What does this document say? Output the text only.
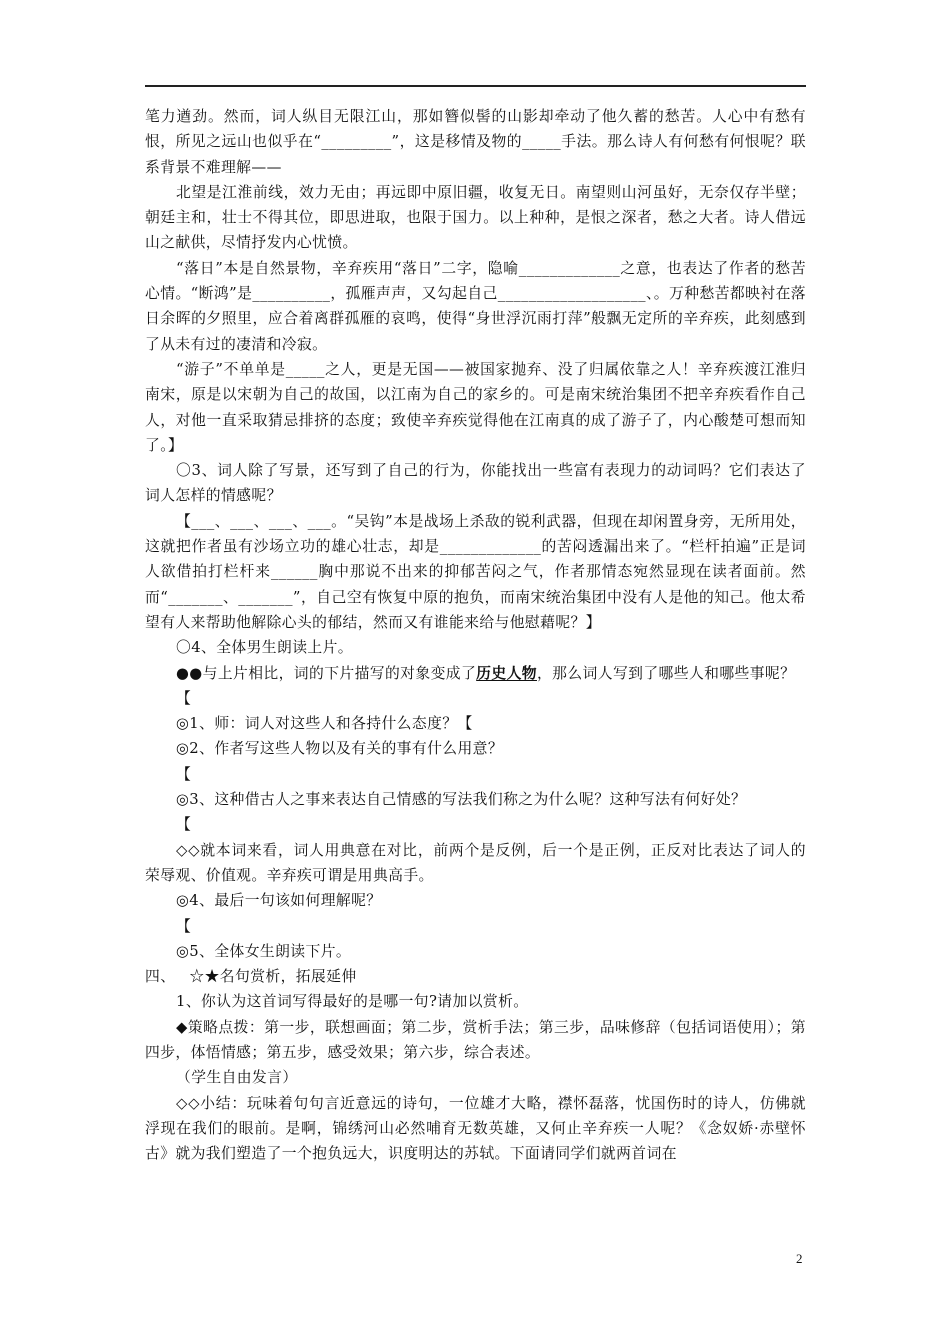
笔力遒劲。然而，词人纵目无限江山，那如簪似髻的山影却牵动了他久蓄的愁苦。人心中有愁有恨，所见之远山也似乎在“_________”，这是移情及物的_____手法。那么诗人有何愁有何恨呢？联系背景不难理解——

北望是江淮前线，效力无由；再远即中原旧疆，收复无日。南望则山河虽好，无奈仅存半壁；朝廷主和，壮士不得其位，即思进取，也限于国力。以上种种，是恨之深者，愁之大者。诗人借远山之献供，尽情抒发内心忧愤。

“落日”本是自然景物，辛弃疾用“落日”二字，隐喻_____________之意，也表达了作者的愁苦心情。“断鸿”是__________，孤雁声声，又勾起自己___________________、。万种愁苦都映衬在落日余晖的夕照里，应合着离群孤雁的哀鸣，使得“身世浮沉雨打萍”般飘无定所的辛弃疾，此刻感到了从未有过的凄清和冷寂。

“游子”不单单是_____之人，更是无国——被国家抛弃、没了归属依靠之人！辛弃疾渡江淮归南宋，原是以宋朝为自己的故国，以江南为自己的家乡的。可是南宋统治集团不把辛弃疾看作自己人，对他一直采取猜忌排挤的态度；致使辛弃疾觉得他在江南真的成了游子了，内心酸楚可想而知了。】

〇3、词人除了写景，还写到了自己的行为，你能找出一些富有表现力的动词吗？它们表达了词人怎样的情感呢？

【___、___、___、___。“吴钩”本是战场上杀敌的锐利武器，但现在却闲置身旁，无所用处，这就把作者虽有沙场立功的雄心壮志，却是_____________的苦闷透漏出来了。“栏杆拍遍”正是词人欲借拍打栏杆来______胸中那说不出来的抑郁苦闷之气，作者那情态宛然显现在读者面前。然而“_______、_______”，自己空有恢复中原的抱负，而南宋统治集团中没有人是他的知己。他太希望有人来帮助他解除心头的郁结，然而又有谁能来给与他慰藉呢？】

〇4、全体男生朗读上片。

●●与上片相比，词的下片描写的对象变成了历史人物，那么词人写到了哪些人和哪些事呢？

【

◎1、师：词人对这些人和各持什么态度？【

◎2、作者写这些人物以及有关的事有什么用意？

【

◎3、这种借古人之事来表达自己情感的写法我们称之为什么呢？这种写法有何好处？

【

◇◇就本词来看，词人用典意在对比，前两个是反例，后一个是正例，正反对比表达了词人的荣辱观、价值观。辛弃疾可谓是用典高手。

◎4、最后一句该如何理解呢？

【

◎5、全体女生朗读下片。

四、 ☆★名句赏析，拓展延伸

1、你认为这首词写得最好的是哪一句?请加以赏析。

◆策略点拨：第一步，联想画面；第二步，赏析手法；第三步，品味修辞（包括词语使用）；第四步，体悟情感；第五步，感受效果；第六步，综合表述。

（学生自由发言）

◇◇小结：玩味着句句言近意远的诗句，一位雄才大略，襟怀磊落，忧国伤时的诗人，仿佛就浮现在我们的眼前。是啊，锦绣河山必然哺育无数英雄，又何止辛弃疾一人呢？《念奴娇·赤壁怀古》就为我们塑造了一个抱负远大，识度明达的苏轼。下面请同学们就两首词在

2
